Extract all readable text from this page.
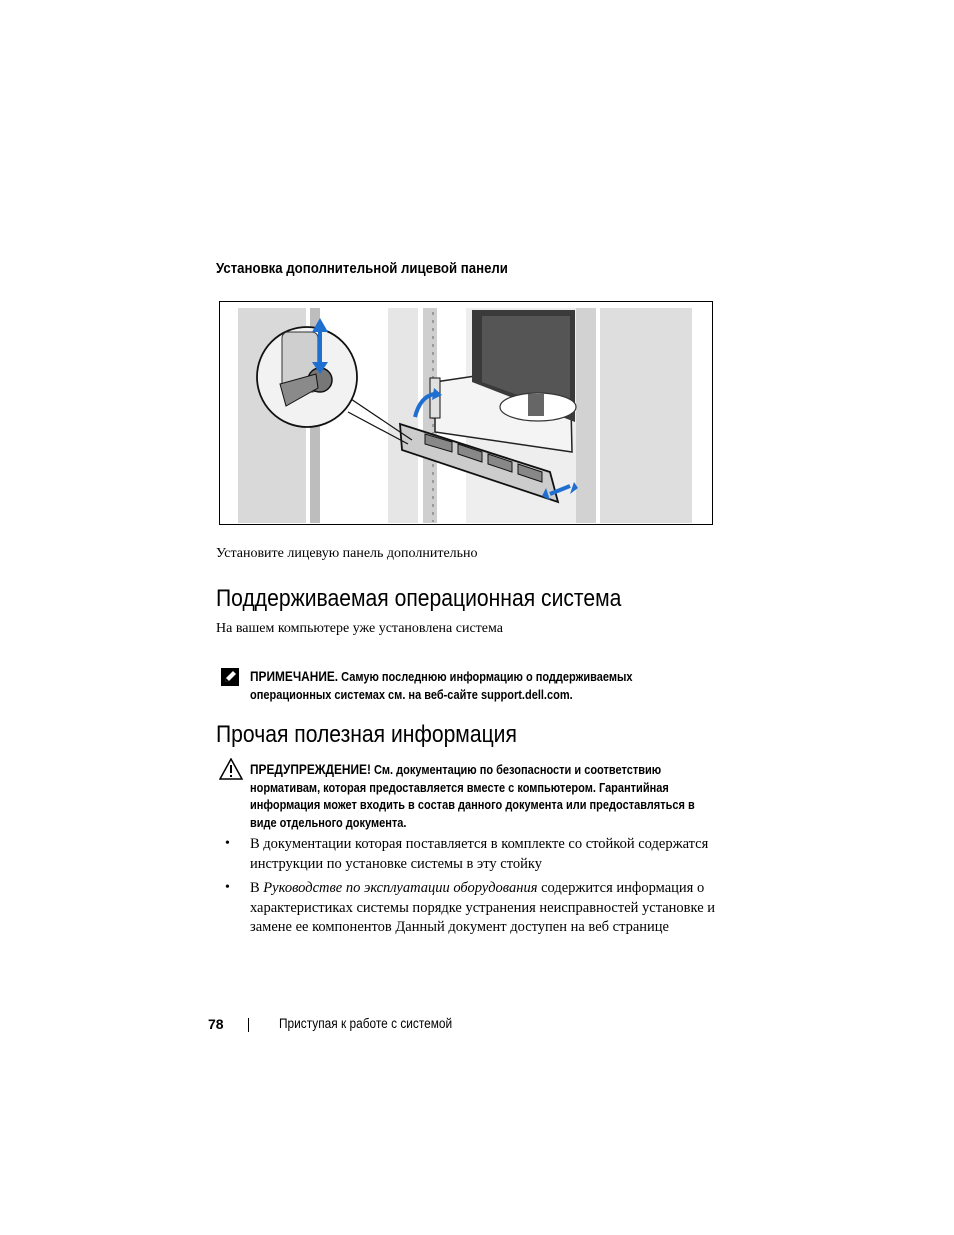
Установка дополнительной лицевой панели
Установите лицевую панель дополнительно
Поддерживаемая операционная система
На вашем компьютере уже установлена система
ПРИМЕЧАНИЕ. Самую последнюю информацию о поддерживаемых операционных системах см. на веб-сайте support.dell.com.
Прочая полезная информация
ПРЕДУПРЕЖДЕНИЕ! См. документацию по безопасности и соответствию нормативам, которая предоставляется вместе с компьютером. Гарантийная информация может входить в состав данного документа или предоставляться в виде отдельного документа.
• В документации которая поставляется в комплекте со стойкой содержатся инструкции по установке системы в эту стойку
• В Руководстве по эксплуатации оборудования содержится информация о характеристиках системы порядке устранения неисправностей установке и замене ее компонентов Данный документ доступен на веб странице
78	Приступая к работе с системой
